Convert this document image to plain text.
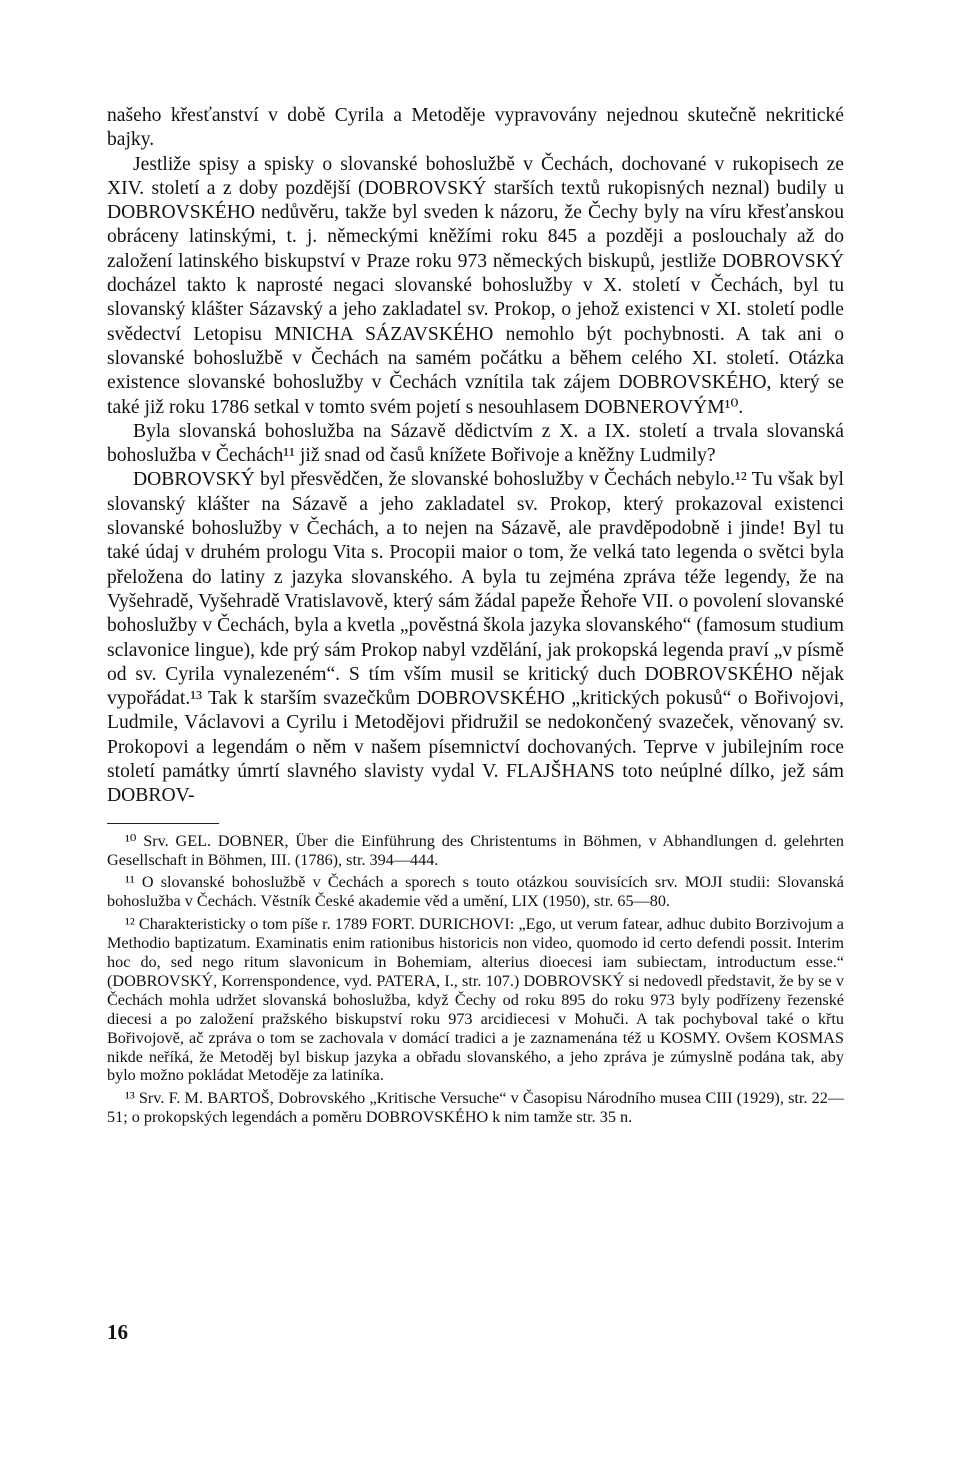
našeho křesťanství v době Cyrila a Metoděje vypravovány nejednou skutečně nekritické bajky.

Jestliže spisy a spisky o slovanské bohoslužbě v Čechách, dochované v rukopisech ze XIV. století a z doby pozdější (DOBROVSKÝ starších textů rukopisných neznal) budily u DOBROVSKÉHO nedůvěru, takže byl sveden k názoru, že Čechy byly na víru křesťanskou obráceny latinskými, t. j. německými kněžími roku 845 a později a poslouchaly až do založení latinského biskupství v Praze roku 973 německých biskupů, jestliže DOBROVSKÝ docházel takto k naprosté negaci slovanské bohoslužby v X. století v Čechách, byl tu slovanský klášter Sázavský a jeho zakladatel sv. Prokop, o jehož existenci v XI. století podle svědectví Letopisu MNICHA SÁZAVSKÉHO nemohlo být pochybnosti. A tak ani o slovanské bohoslužbě v Čechách na samém počátku a během celého XI. století. Otázka existence slovanské bohoslužby v Čechách vznítila tak zájem DOBROVSKÉHO, který se také již roku 1786 setkal v tomto svém pojetí s nesouhlasem DOBNEROVÝM¹⁰.

Byla slovanská bohoslužba na Sázavě dědictvím z X. a IX. století a trvala slovanská bohoslužba v Čechách¹¹ již snad od časů knížete Bořivoje a kněžny Ludmily?

DOBROVSKÝ byl přesvědčen, že slovanské bohoslužby v Čechách nebylo.¹² Tu však byl slovanský klášter na Sázavě a jeho zakladatel sv. Prokop, který prokazoval existenci slovanské bohoslužby v Čechách, a to nejen na Sázavě, ale pravděpodobně i jinde! Byl tu také údaj v druhém prologu Vita s. Procopii maior o tom, že velká tato legenda o světci byla přeložena do latiny z jazyka slovanského. A byla tu zejména zpráva téže legendy, že na Vyšehradě, Vyšehradě Vratislavově, který sám žádal papeže Řehoře VII. o povolení slovanské bohoslužby v Čechách, byla a kvetla „pověstná škola jazyka slovanského“ (famosum studium sclavonice lingue), kde prý sám Prokop nabyl vzdělání, jak prokopská legenda praví „v písmě od sv. Cyrila vynalezeném“. S tím vším musil se kritický duch DOBROVSKÉHO nějak vypořádat.¹³ Tak k starším svazečkům DOBROVSKÉHO „kritických pokusů“ o Bořivojovi, Ludmile, Václavovi a Cyrilu i Metodějovi přidružil se nedokončený svazeček, věnovaný sv. Prokopovi a legendám o něm v našem písemnictví dochovaných. Teprve v jubilejním roce století památky úmrtí slavného slavisty vydal V. FLAJŠHANS toto neúplné dílko, jež sám DOBROV-

¹⁰ Srv. GEL. DOBNER, Über die Einführung des Christentums in Böhmen, v Abhandlungen d. gelehrten Gesellschaft in Böhmen, III. (1786), str. 394—444.

¹¹ O slovanské bohoslužbě v Čechách a sporech s touto otázkou souvisících srv. MOJI studii: Slovanská bohoslužba v Čechách. Věstník České akademie věd a umění, LIX (1950), str. 65—80.

¹² Charakteristicky o tom píše r. 1789 FORT. DURICHOVI: „Ego, ut verum fatear, adhuc dubito Borzivojum a Methodio baptizatum. Examinatis enim rationibus historicis non video, quomodo id certo defendi possit. Interim hoc do, sed nego ritum slavonicum in Bohemiam, alterius dioecesi iam subiectam, introductum esse.“ (DOBROVSKÝ, Korrenspondence, vyd. PATERA, I., str. 107.) DOBROVSKÝ si nedovedl představit, že by se v Čechách mohla udržet slovanská bohoslužba, když Čechy od roku 895 do roku 973 byly podřízeny řezenské diecesi a po založení pražského biskupství roku 973 arcidiecesi v Mohuči. A tak pochyboval také o křtu Bořivojově, ač zpráva o tom se zachovala v domácí tradici a je zaznamenána též u KOSMY. Ovšem KOSMAS nikde neříká, že Metoděj byl biskup jazyka a obřadu slovanského, a jeho zpráva je zúmyslně podána tak, aby bylo možno pokládat Metoděje za latiníka.

¹³ Srv. F. M. BARTOŠ, Dobrovského „Kritische Versuche“ v Časopisu Národního musea CIII (1929), str. 22—51; o prokopských legendách a poměru DOBROVSKÉHO k nim tamže str. 35 n.

16
